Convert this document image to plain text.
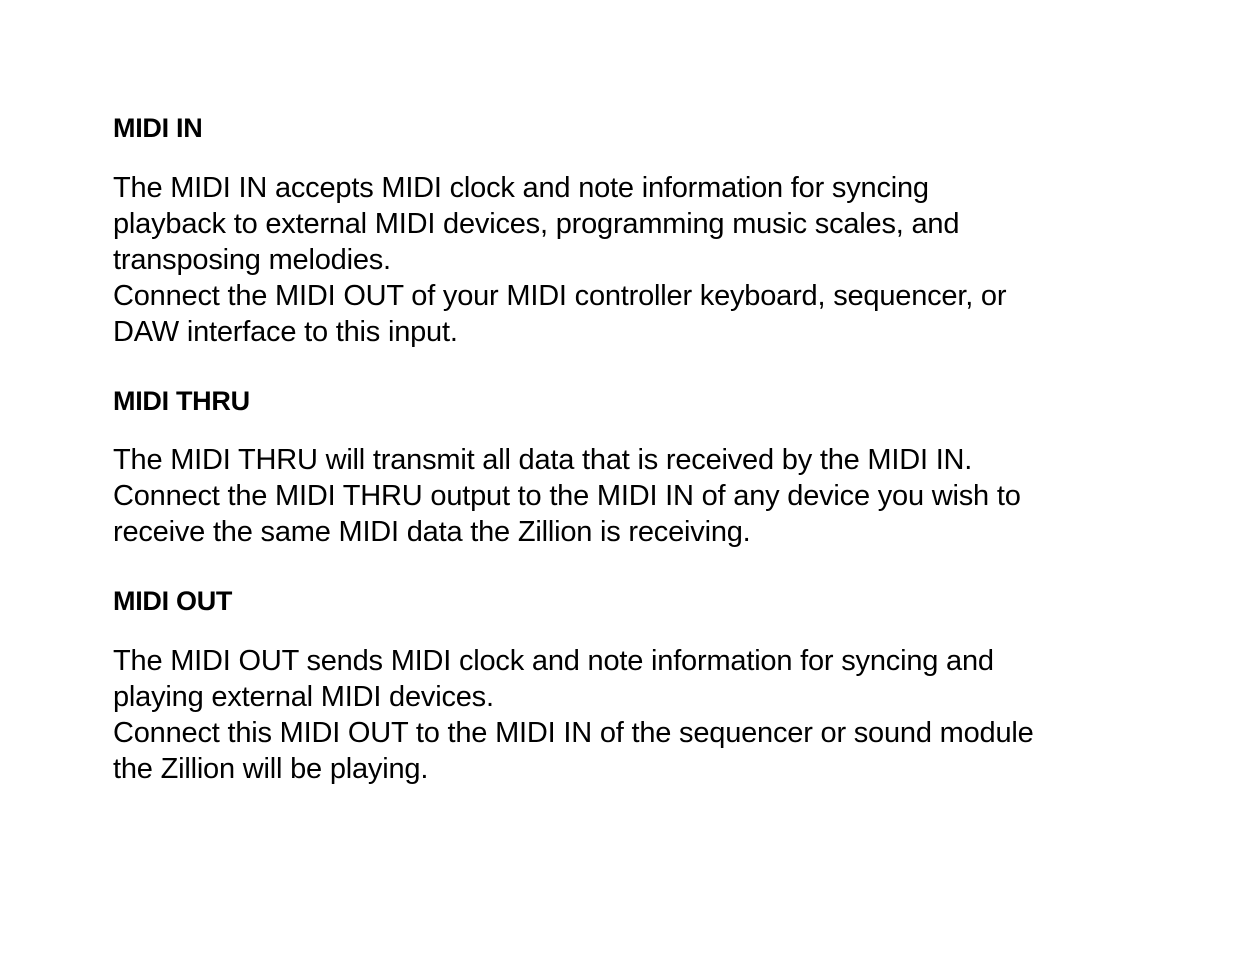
MIDI IN

The MIDI IN accepts MIDI clock and note information for syncing
playback to external MIDI devices, programming music scales, and
transposing melodies.

Connect the MIDI OUT of your MIDI controller keyboard, sequencer, or
DAW interface to this input.

MIDI THRU

The MIDI THRU will transmit all data that is received by the MIDI IN.

Connect the MIDI THRU output to the MIDI IN of any device you wish to
receive the same MIDI data the Zillion is receiving.

MIDI OUT

The MIDI OUT sends MIDI clock and note information for syncing and
playing external MIDI devices.

Connect this MIDI OUT to the MIDI IN of the sequencer or sound module
the Zillion will be playing.
